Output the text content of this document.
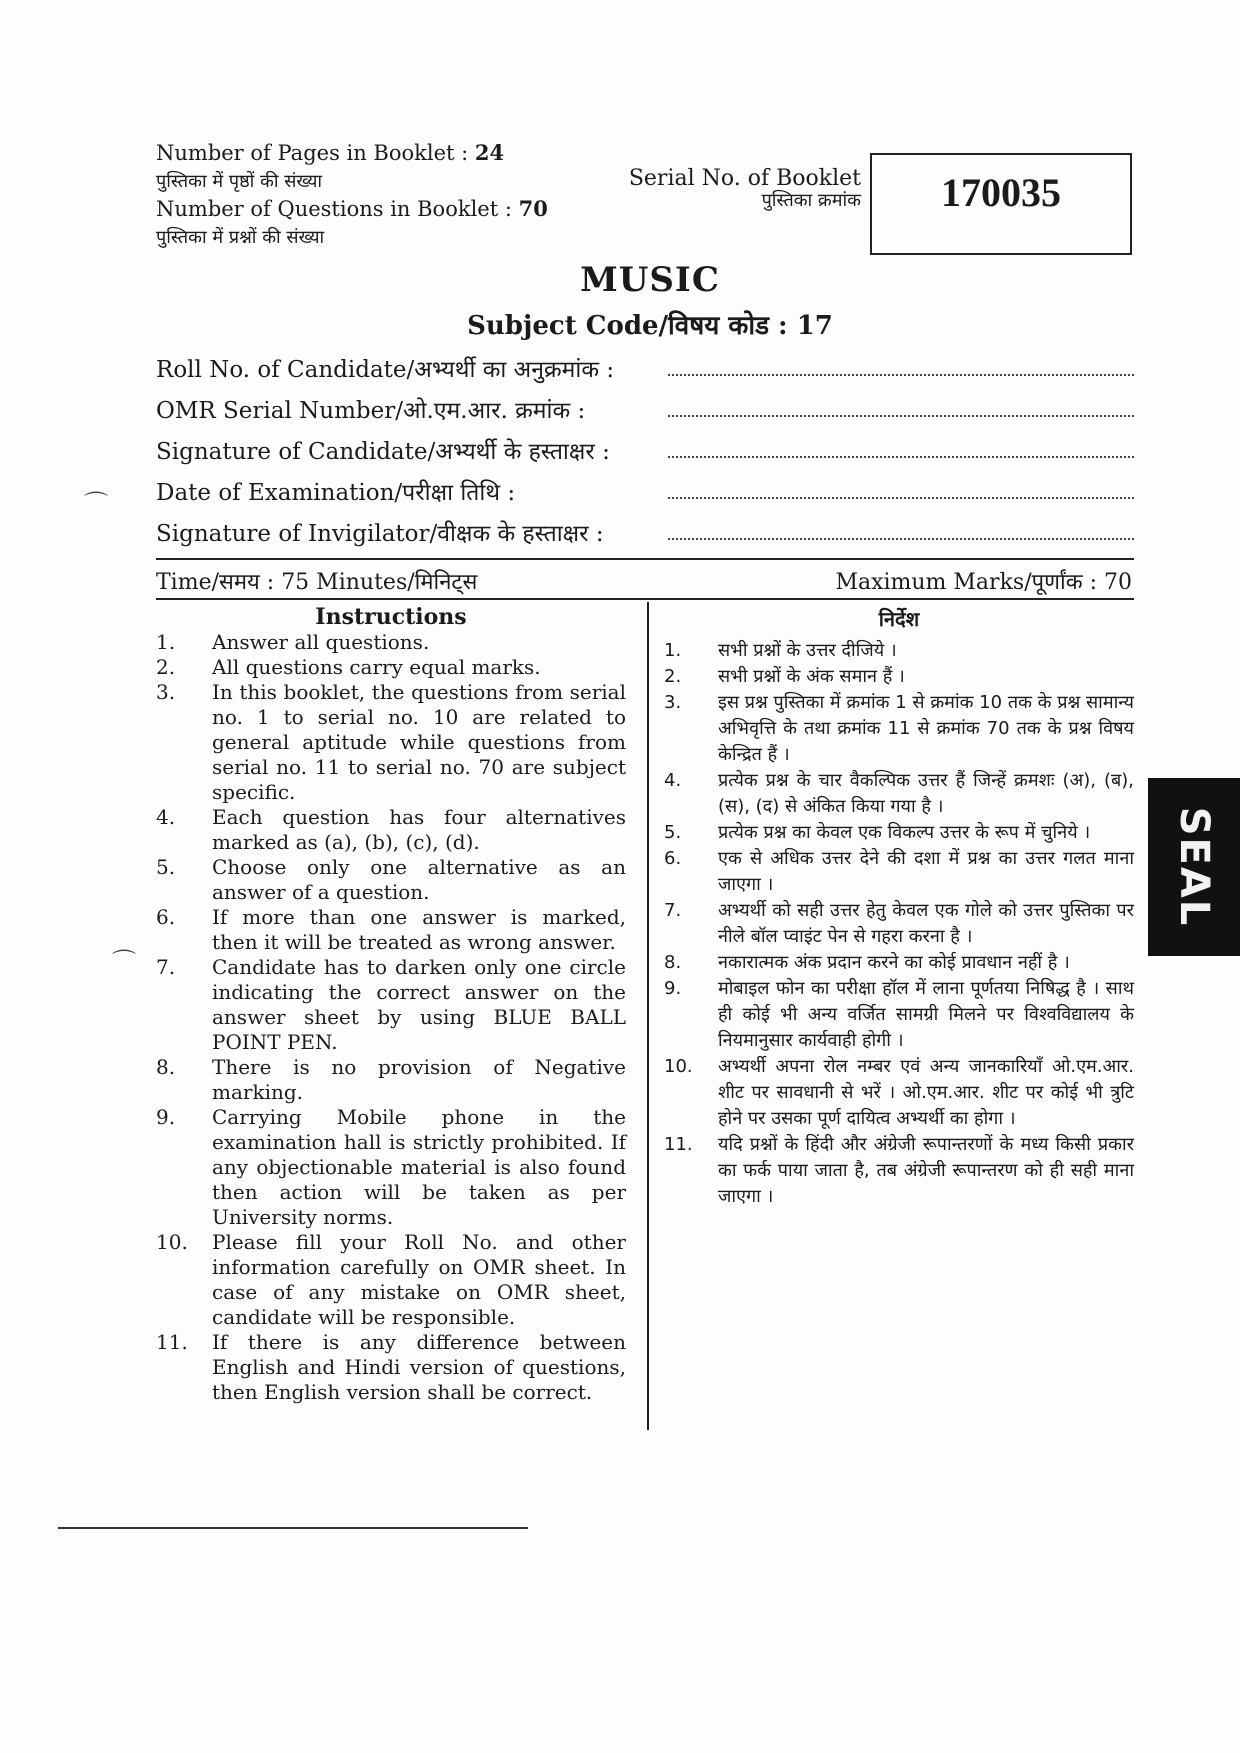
Number of Pages in Booklet : 24
पुस्तिका में पृष्ठों की संख्या
Number of Questions in Booklet : 70
पुस्तिका में प्रश्नों की संख्या
Serial No. of Booklet
पुस्तिका क्रमांक	170035
MUSIC
Subject Code/विषय कोड : 17
Roll No. of Candidate/अभ्यर्थी का अनुक्रमांक :
OMR Serial Number/ओ.एम.आर. क्रमांक :
Signature of Candidate/अभ्यर्थी के हस्ताक्षर :
Date of Examination/परीक्षा तिथि :
Signature of Invigilator/वीक्षक के हस्ताक्षर :
Time/समय : 75 Minutes/मिनिट्स	Maximum Marks/पूर्णांक : 70
Instructions
1.	Answer all questions.
2.	All questions carry equal marks.
3.	In this booklet, the questions from serial no. 1 to serial no. 10 are related to general aptitude while questions from serial no. 11 to serial no. 70 are subject specific.
4.	Each question has four alternatives marked as (a), (b), (c), (d).
5.	Choose only one alternative as an answer of a question.
6.	If more than one answer is marked, then it will be treated as wrong answer.
7.	Candidate has to darken only one circle indicating the correct answer on the answer sheet by using BLUE BALL POINT PEN.
8.	There is no provision of Negative marking.
9.	Carrying Mobile phone in the examination hall is strictly prohibited. If any objectionable material is also found then action will be taken as per University norms.
10.	Please fill your Roll No. and other information carefully on OMR sheet. In case of any mistake on OMR sheet, candidate will be responsible.
11.	If there is any difference between English and Hindi version of questions, then English version shall be correct.
निर्देश
1.	सभी प्रश्नों के उत्तर दीजिये ।
2.	सभी प्रश्नों के अंक समान हैं ।
3.	इस प्रश्न पुस्तिका में क्रमांक 1 से क्रमांक 10 तक के प्रश्न सामान्य अभिवृत्ति के तथा क्रमांक 11 से क्रमांक 70 तक के प्रश्न विषय केन्द्रित हैं ।
4.	प्रत्येक प्रश्न के चार वैकल्पिक उत्तर हैं जिन्हें क्रमशः (अ), (ब), (स), (द) से अंकित किया गया है ।
5.	प्रत्येक प्रश्न का केवल एक विकल्प उत्तर के रूप में चुनिये ।
6.	एक से अधिक उत्तर देने की दशा में प्रश्न का उत्तर गलत माना जाएगा ।
7.	अभ्यर्थी को सही उत्तर हेतु केवल एक गोले को उत्तर पुस्तिका पर नीले बॉल प्वाइंट पेन से गहरा करना है ।
8.	नकारात्मक अंक प्रदान करने का कोई प्रावधान नहीं है ।
9.	मोबाइल फोन का परीक्षा हॉल में लाना पूर्णतया निषिद्ध है । साथ ही कोई भी अन्य वर्जित सामग्री मिलने पर विश्वविद्यालय के नियमानुसार कार्यवाही होगी ।
10.	अभ्यर्थी अपना रोल नम्बर एवं अन्य जानकारियाँ ओ.एम.आर. शीट पर सावधानी से भरें । ओ.एम.आर. शीट पर कोई भी त्रुटि होने पर उसका पूर्ण दायित्व अभ्यर्थी का होगा ।
11.	यदि प्रश्नों के हिंदी और अंग्रेजी रूपान्तरणों के मध्य किसी प्रकार का फर्क पाया जाता है, तब अंग्रेजी रूपान्तरण को ही सही माना जाएगा ।
SEAL
⌒
⌒
